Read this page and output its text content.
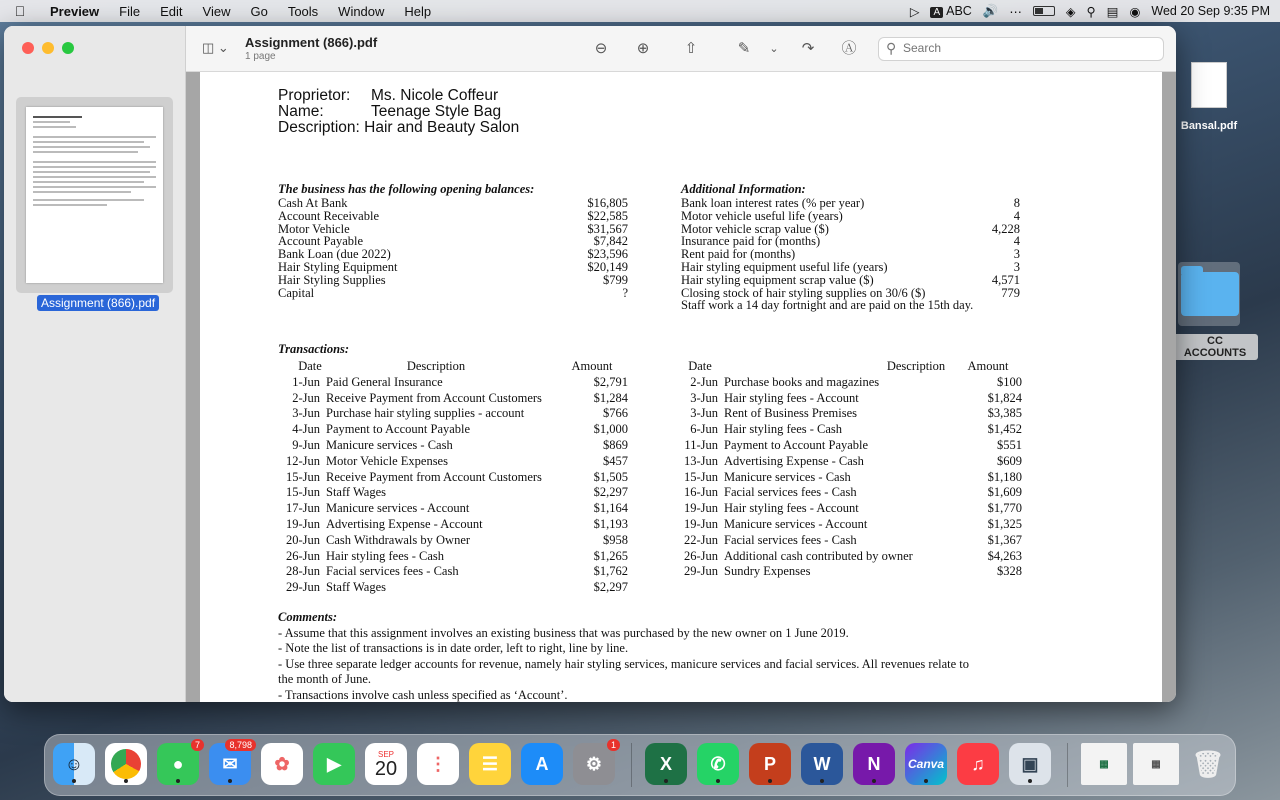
Preview	File	Edit	View	Go	Tools	Window	Help	▷	A ABC 🔊 ⋯	◈ ⚲ ▤ ◉ Wed 20 Sep 9:35 PM
Bansal.pdf
CC ACCOUNTS
Assignment (866).pdf
◫ ⌄ Assignment (866).pdf
1 page	⊖ ⊕ ⇧	✎	⌄	↷ Ⓐ ⚲
Search
Proprietor: Ms. Nicole Coffeur
Name:	Teenage Style Bag
Description: Hair and Beauty Salon
The business has the following opening balances:
Cash At Bank	$16,805
Account Receivable	$22,585
Motor Vehicle	$31,567
Account Payable	$7,842
Bank Loan (due 2022)	$23,596
Hair Styling Equipment	$20,149
Hair Styling Supplies	$799
Capital	?
Additional Information:
Bank loan interest rates (% per year)	8
Motor vehicle useful life (years)	4
Motor vehicle scrap value ($)	4,228
Insurance paid for (months)	4
Rent paid for (months)	3
Hair styling equipment useful life (years)	3
Hair styling equipment scrap value ($)	4,571
Closing stock of hair styling supplies on 30/6 ($)	779
Staff work a 14 day fortnight and are paid on the 15th day.
Transactions:
Date	Description	Amount
1-Jun Paid General Insurance	$2,791
2-Jun Receive Payment from Account Customers	$1,284
3-Jun Purchase hair styling supplies - account	$766
4-Jun Payment to Account Payable	$1,000
9-Jun Manicure services - Cash	$869
12-Jun Motor Vehicle Expenses	$457
15-Jun Receive Payment from Account Customers	$1,505
15-Jun Staff Wages	$2,297
17-Jun Manicure services - Account	$1,164
19-Jun Advertising Expense - Account	$1,193
20-Jun Cash Withdrawals by Owner	$958
26-Jun Hair styling fees - Cash	$1,265
28-Jun Facial services fees - Cash	$1,762
29-Jun Staff Wages	$2,297
Date	Description	Amount
2-Jun Purchase books and magazines	$100
3-Jun Hair styling fees - Account	$1,824
3-Jun Rent of Business Premises	$3,385
6-Jun Hair styling fees - Cash	$1,452
11-Jun Payment to Account Payable	$551
13-Jun Advertising Expense - Cash	$609
15-Jun Manicure services - Cash	$1,180
16-Jun Facial services fees - Cash	$1,609
19-Jun Hair styling fees - Account	$1,770
19-Jun Manicure services - Account	$1,325
22-Jun Facial services fees - Cash	$1,367
26-Jun Additional cash contributed by owner	$4,263
29-Jun Sundry Expenses	$328
Comments:
- Assume that this assignment involves an existing business that was purchased by the new owner on 1 June 2019.
- Note the list of transactions is in date order, left to right, line by line.
- Use three separate ledger accounts for revenue, namely hair styling services, manicure services and facial services. All revenues relate to the month of June.
- Transactions involve cash unless specified as ‘Account’.
☺	●
7
✉
8,798
✿	▶	SEP
20	⋮	☰	A	⚙
1
X	✆	P	W	N	Canva	♫	▣	▦	▦	🗑
